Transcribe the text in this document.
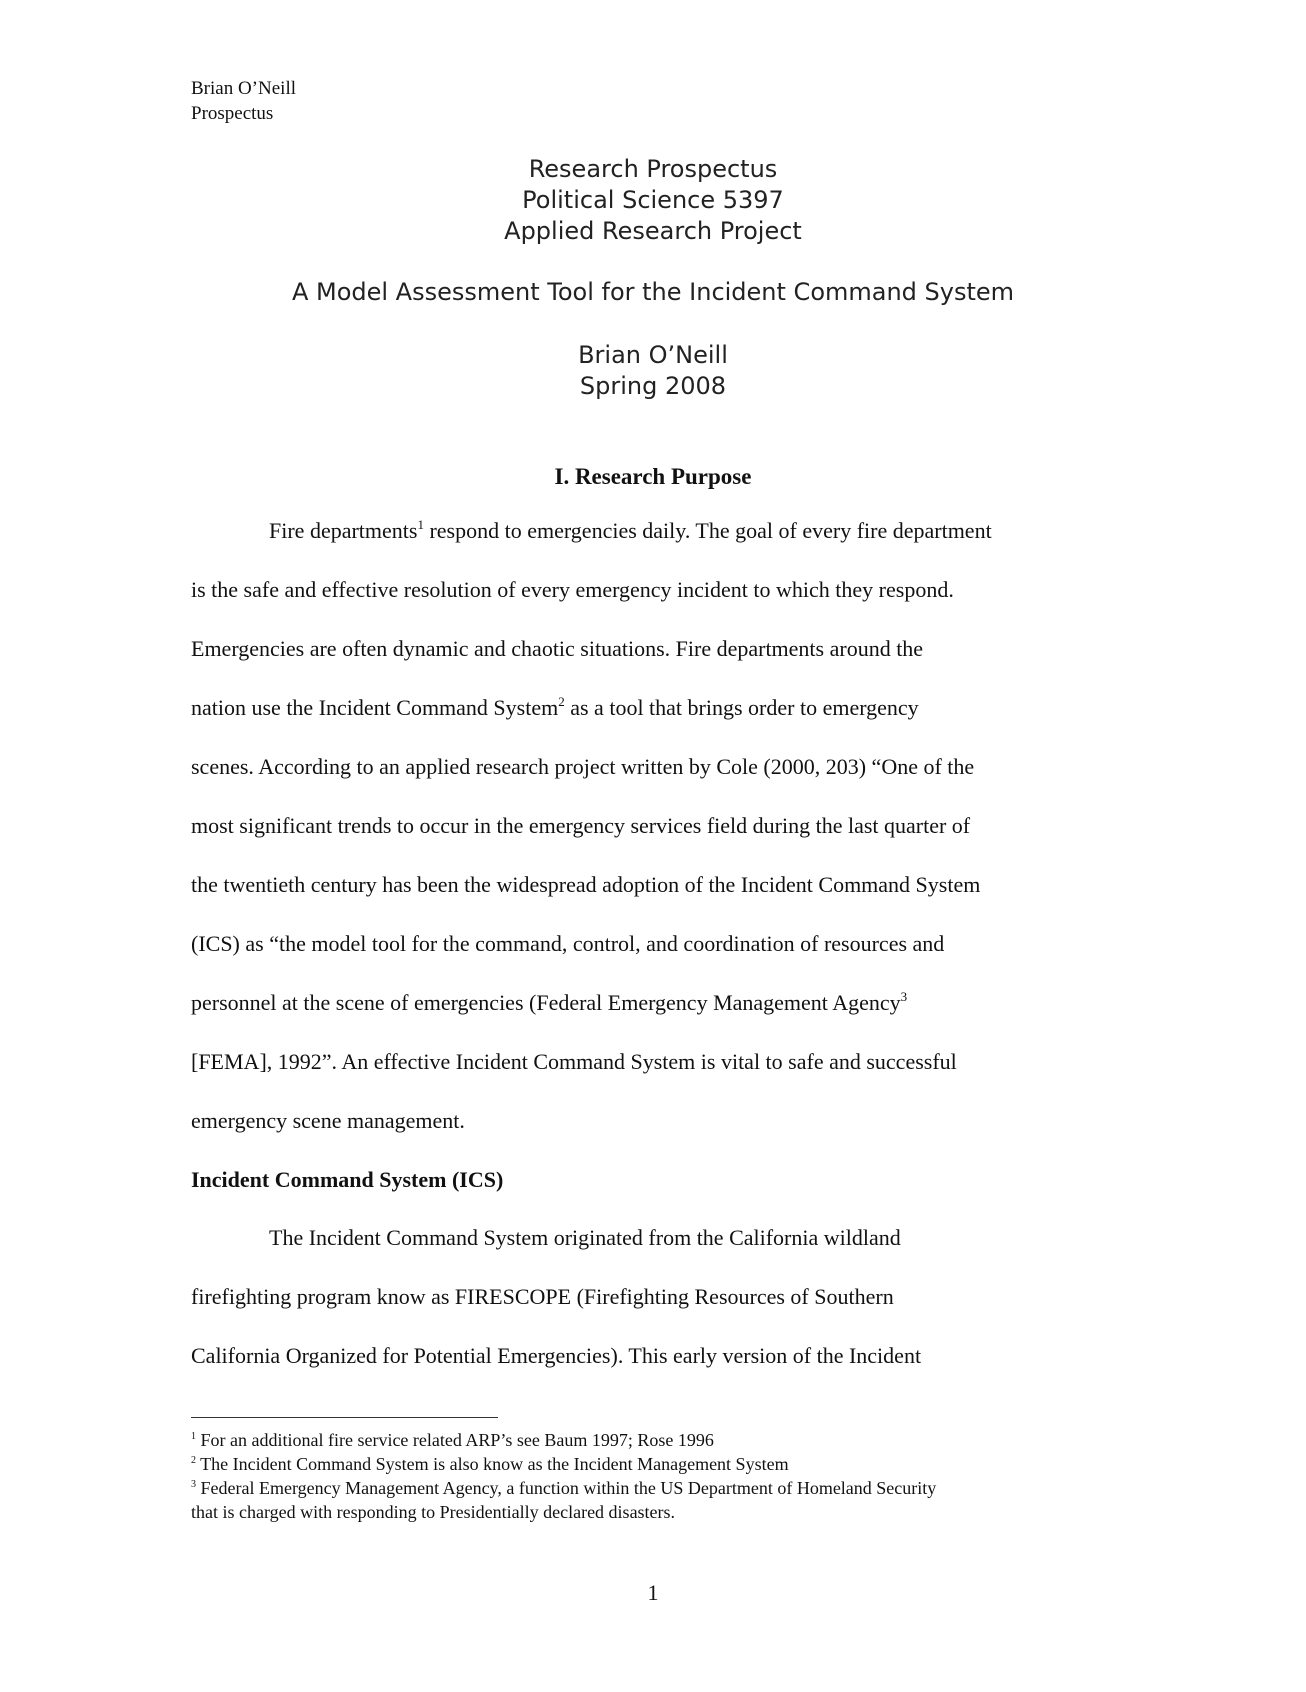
Brian O’Neill
Prospectus
Research Prospectus
Political Science 5397
Applied Research Project
A Model Assessment Tool for the Incident Command System
Brian O’Neill
Spring 2008
I. Research Purpose
Fire departments$^1$ respond to emergencies daily. The goal of every fire department
is the safe and effective resolution of every emergency incident to which they respond.
Emergencies are often dynamic and chaotic situations. Fire departments around the
nation use the Incident Command System$^2$ as a tool that brings order to emergency
scenes. According to an applied research project written by Cole (2000, 203) “One of the
most significant trends to occur in the emergency services field during the last quarter of
the twentieth century has been the widespread adoption of the Incident Command System
(ICS) as “the model tool for the command, control, and coordination of resources and
personnel at the scene of emergencies (Federal Emergency Management Agency$^3$
[FEMA], 1992”. An effective Incident Command System is vital to safe and successful
emergency scene management.
Incident Command System (ICS)
The Incident Command System originated from the California wildland
firefighting program know as FIRESCOPE (Firefighting Resources of Southern
California Organized for Potential Emergencies). This early version of the Incident
$^1$ For an additional fire service related ARP’s see Baum 1997; Rose 1996
$^2$ The Incident Command System is also know as the Incident Management System
$^3$ Federal Emergency Management Agency, a function within the US Department of Homeland Security
that is charged with responding to Presidentially declared disasters.
1
